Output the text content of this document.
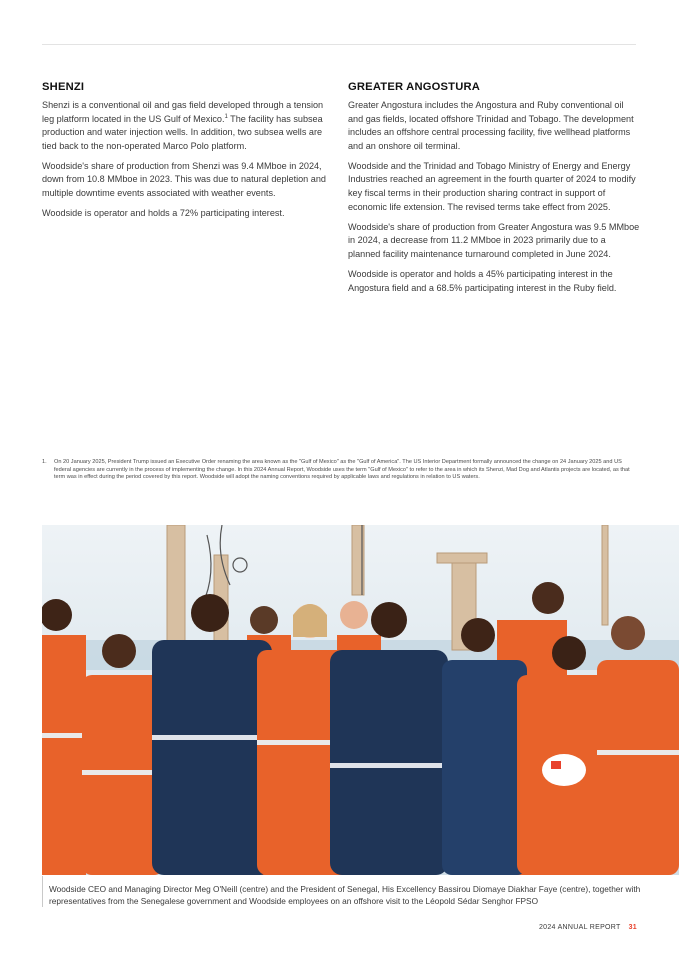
SHENZI

Shenzi is a conventional oil and gas field developed through a tension leg platform located in the US Gulf of Mexico.$^1$ The facility has subsea production and water injection wells. In addition, two subsea wells are tied back to the non-operated Marco Polo platform.

Woodside's share of production from Shenzi was 9.4 MMboe in 2024, down from 10.8 MMboe in 2023. This was due to natural depletion and multiple downtime events associated with weather events.

Woodside is operator and holds a 72% participating interest.

GREATER ANGOSTURA

Greater Angostura includes the Angostura and Ruby conventional oil and gas fields, located offshore Trinidad and Tobago. The development includes an offshore central processing facility, five wellhead platforms and an onshore oil terminal.

Woodside and the Trinidad and Tobago Ministry of Energy and Energy Industries reached an agreement in the fourth quarter of 2024 to modify key fiscal terms in their production sharing contract in support of economic life extension. The revised terms take effect from 2025.

Woodside's share of production from Greater Angostura was 9.5 MMboe in 2024, a decrease from 11.2 MMboe in 2023 primarily due to a planned facility maintenance turnaround completed in June 2024.

Woodside is operator and holds a 45% participating interest in the Angostura field and a 68.5% participating interest in the Ruby field.

1.	On 20 January 2025, President Trump issued an Executive Order renaming the area known as the "Gulf of Mexico" as the "Gulf of America". The US Interior Department formally announced the change on 24 January 2025 and US federal agencies are currently in the process of implementing the change. In this 2024 Annual Report, Woodside uses the term "Gulf of Mexico" to refer to the area in which its Shenzi, Mad Dog and Atlantis projects are located, as that term was in effect during the period covered by this report. Woodside will adopt the naming conventions required by applicable laws and regulations in relation to US waters.
Woodside CEO and Managing Director Meg O'Neill (centre) and the President of Senegal, His Excellency Bassirou Diomaye Diakhar Faye (centre), together with representatives from the Senegalese government and Woodside employees on an offshore visit to the Léopold Sédar Senghor FPSO
2024 ANNUAL REPORT 31
